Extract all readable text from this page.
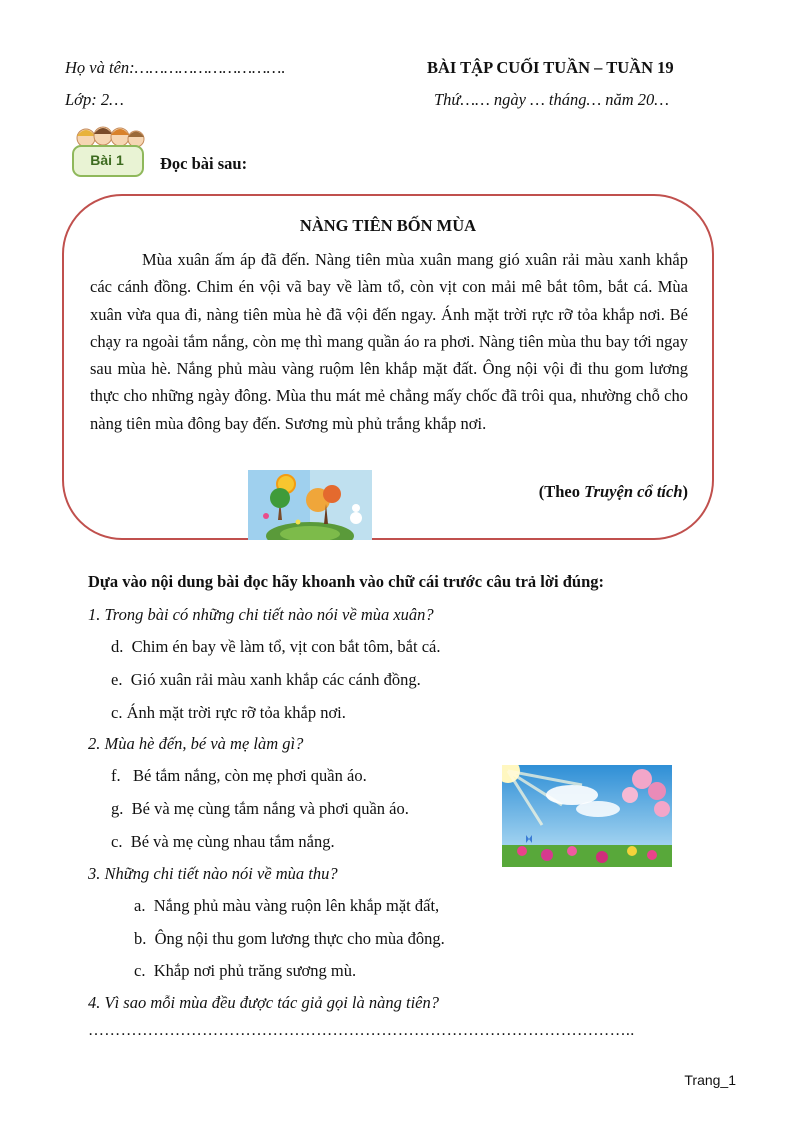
Họ và tên:………………………….	BÀI TẬP CUỐI TUẦN – TUẦN 19
Lớp: 2…	Thứ…… ngày … tháng… năm 20…
Bài 1	Đọc bài sau:
NÀNG TIÊN BỐN MÙA

Mùa xuân ấm áp đã đến. Nàng tiên mùa xuân mang gió xuân rải màu xanh khắp các cánh đồng. Chim én vội vã bay về làm tổ, còn vịt con mải mê bắt tôm, bắt cá. Mùa xuân vừa qua đi, nàng tiên mùa hè đã vội đến ngay. Ánh mặt trời rực rỡ tỏa khắp nơi. Bé chạy ra ngoài tắm nắng, còn mẹ thì mang quần áo ra phơi. Nàng tiên mùa thu bay tới ngay sau mùa hè. Nắng phủ màu vàng ruộm lên khắp mặt đất. Ông nội vội đi thu gom lương thực cho những ngày đông. Mùa thu mát mẻ chẳng mấy chốc đã trôi qua, nhường chỗ cho nàng tiên mùa đông bay đến. Sương mù phủ trắng khắp nơi.

(Theo Truyện cổ tích)
Dựa vào nội dung bài đọc hãy khoanh vào chữ cái trước câu trả lời đúng:
1. Trong bài có những chi tiết nào nói về mùa xuân?
d. Chim én bay về làm tổ, vịt con bắt tôm, bắt cá.
e. Gió xuân rải màu xanh khắp các cánh đồng.
c. Ánh mặt trời rực rỡ tỏa khắp nơi.
2. Mùa hè đến, bé và mẹ làm gì?
f. Bé tắm nắng, còn mẹ phơi quần áo.
g. Bé và mẹ cùng tắm nắng và phơi quần áo.
c. Bé và mẹ cùng nhau tắm nắng.
3. Những chi tiết nào nói về mùa thu?
a. Nắng phủ màu vàng ruộn lên khắp mặt đất,
b. Ông nội thu gom lương thực cho mùa đông.
c. Khắp nơi phủ trăng sương mù.
4. Vì sao mỗi mùa đều được tác giả gọi là nàng tiên?
………………………………………………………………………………………..
Trang_1
